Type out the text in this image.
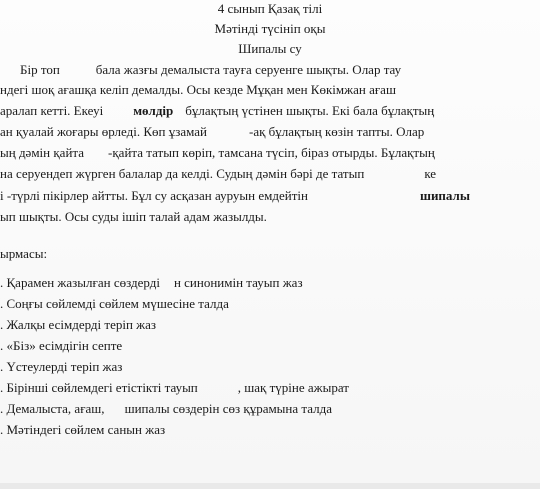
4 сынып Қазақ тілі
Мәтінді түсініп оқы
Шипалы су
Бір топ	бала жазғы демалыста тауға серуенге шықты. Олар тау
ндегі шоқ ағашқа келіп демалды. Осы кезде Мұқан мен Көкімжан ағаш
аралап кетті. Екеуі мөлдір бұлақтың үстінен шықты. Екі бала бұлақтың
ан қуалай жоғары өрледі. Көп ұзамай	-ақ бұлақтың көзін тапты. Олар
ың дәмін қайта -қайта татып көріп, тамсана түсіп, біраз отырды. Бұлақтың
на серуендеп жүрген балалар да келді. Судың дәмін бәрі де татып	ке
і -түрлі пікірлер айтты. Бұл су асқазан ауруын емдейтін	шипалы
ып шықты. Осы суды ішіп талай адам жазылды.
ырмасы:
. Қарамен жазылған сөздерді н синонимін тауып жаз
. Соңғы сөйлемді сөйлем мүшесіне талда
. Жалқы есімдерді теріп жаз
. «Біз» есімдігін септе
. Үстеулерді теріп жаз
. Бірінші сөйлемдегі етістікті тауып	, шақ түріне ажырат
. Демалыста, ағаш, шипалы сөздерін сөз құрамына талда
. Мәтіндегі сөйлем санын жаз
